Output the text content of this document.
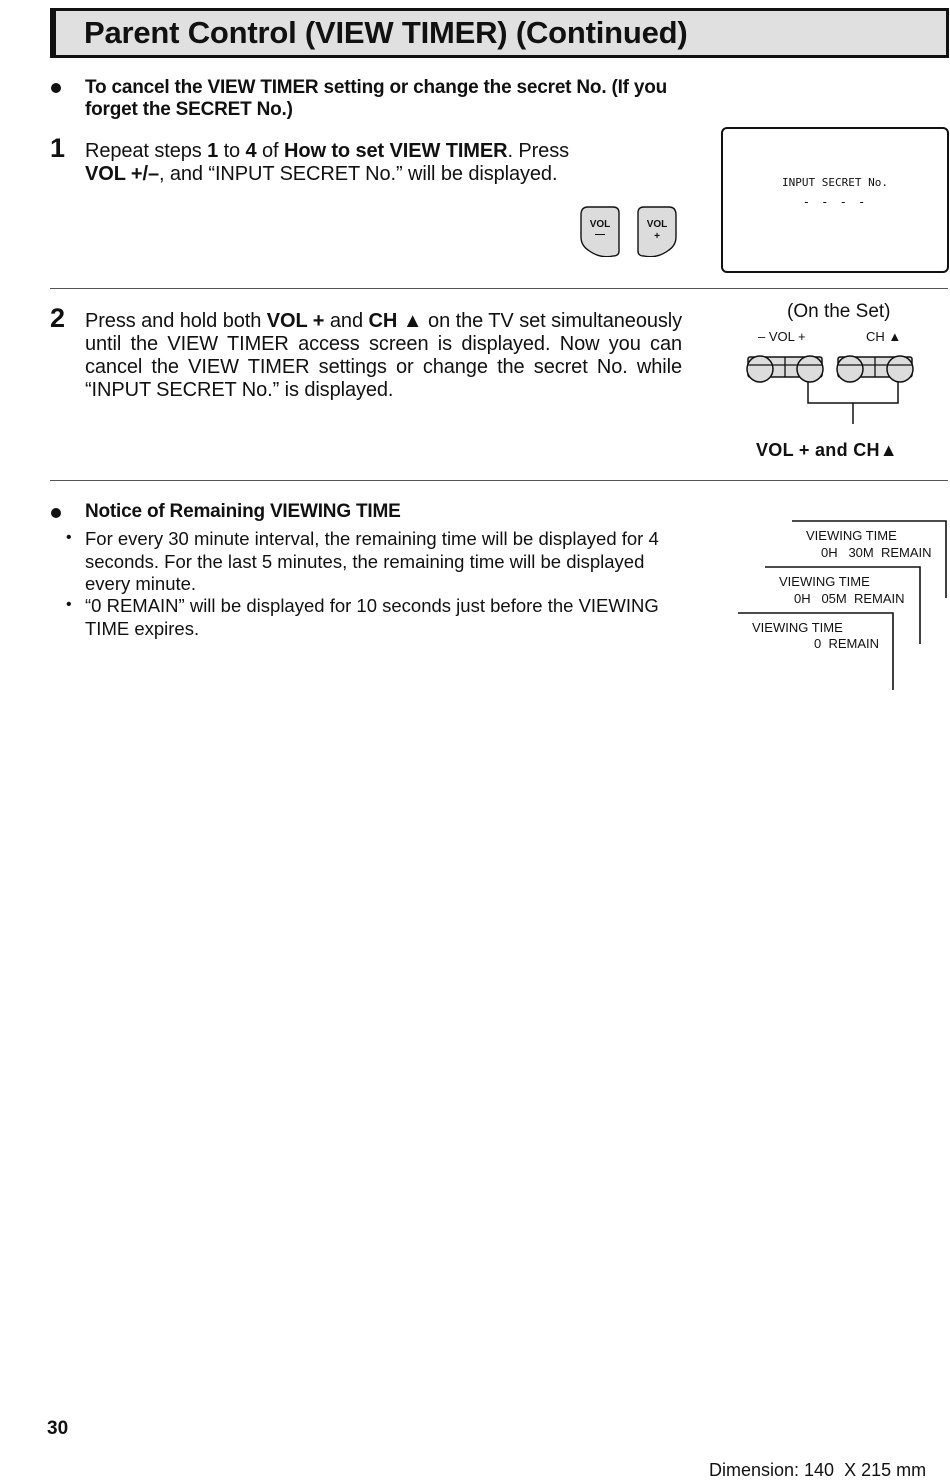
Parent Control (VIEW TIMER) (Continued)
To cancel the VIEW TIMER setting or change the secret No. (If you
forget the SECRET No.)
1 Repeat steps 1 to 4 of How to set VIEW TIMER. Press
VOL +/–, and “INPUT SECRET No.” will be displayed.
VOL
—
VOL
+
INPUT SECRET No.
- - - -
2 Press and hold both VOL + and CH ▲ on the TV set simultaneously until the VIEW TIMER access screen is displayed. Now you can cancel the VIEW TIMER settings or change the secret No. while “INPUT SECRET No.” is displayed.
(On the Set)
– VOL +	CH ▲
VOL + and CH▲
Notice of Remaining VIEWING TIME
• For every 30 minute interval, the remaining time will be displayed for 4 seconds. For the last 5 minutes, the remaining time will be displayed every minute.
• “0 REMAIN” will be displayed for 10 seconds just before the VIEWING TIME expires.
VIEWING TIME
0H   30M  REMAIN
VIEWING TIME
0H   05M  REMAIN
VIEWING TIME
0  REMAIN
30
Dimension: 140  X 215 mm
